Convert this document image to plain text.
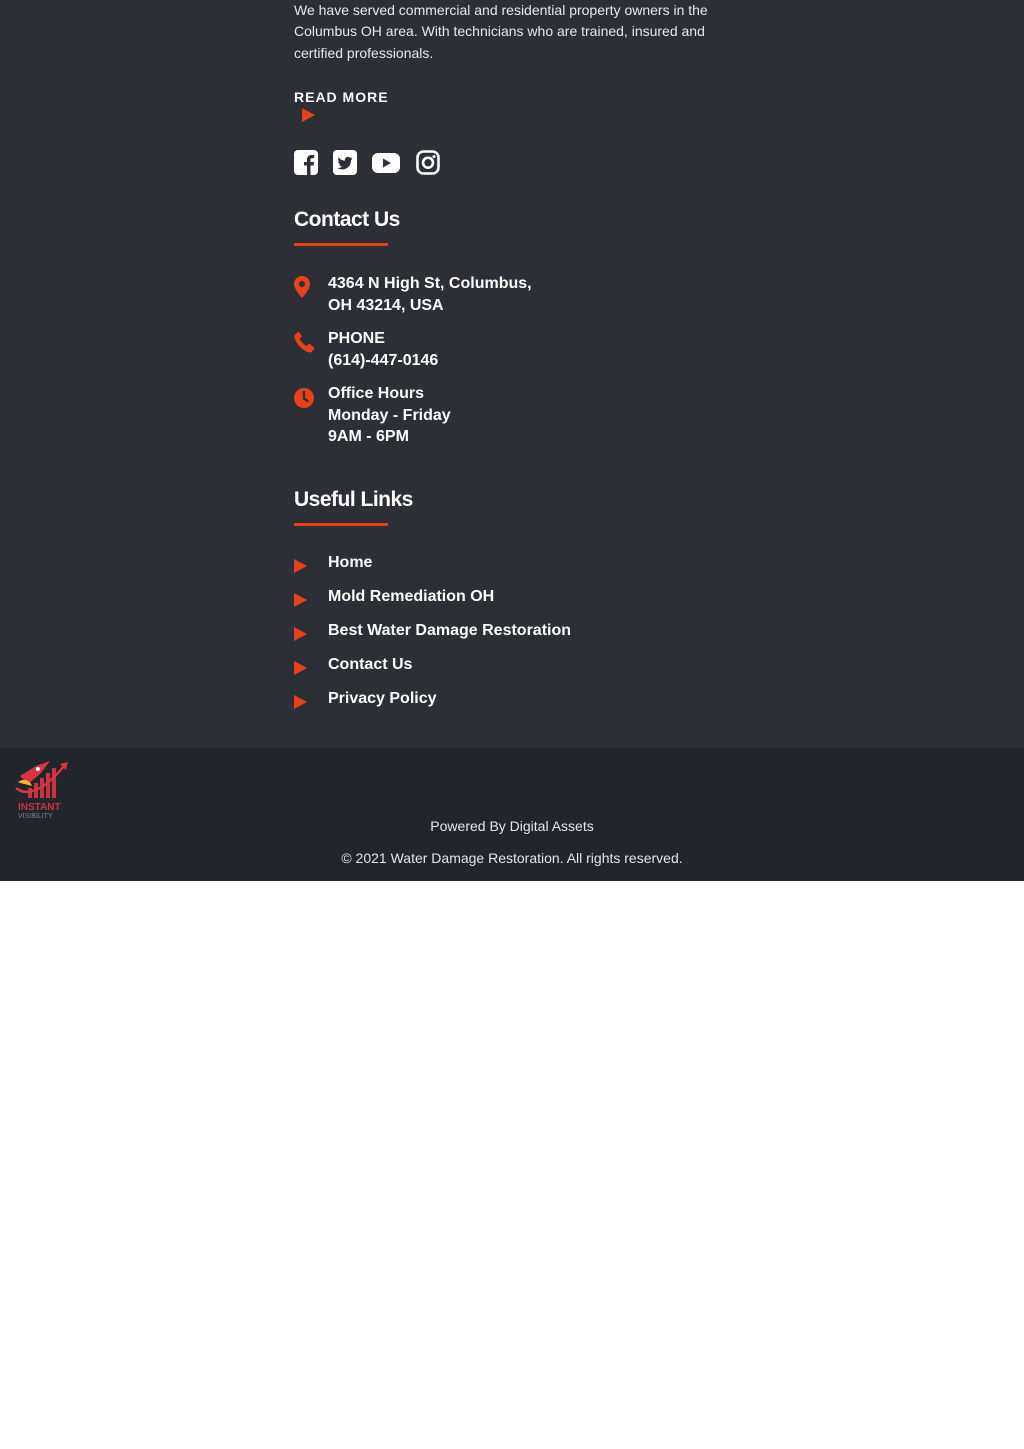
We have served commercial and residential property owners in the Columbus OH area. With technicians who are trained, insured and certified professionals.

READ MORE
Contact Us

4364 N High St, Columbus,
OH 43214, USA

PHONE
(614)-447-0146

Office Hours
Monday - Friday
9AM - 6PM

Useful Links
Home
Mold Remediation OH
Best Water Damage Restoration
Contact Us
Privacy Policy
INSTANT
VISIBILITY

Powered By Digital Assets

© 2021 Water Damage Restoration. All rights reserved.
